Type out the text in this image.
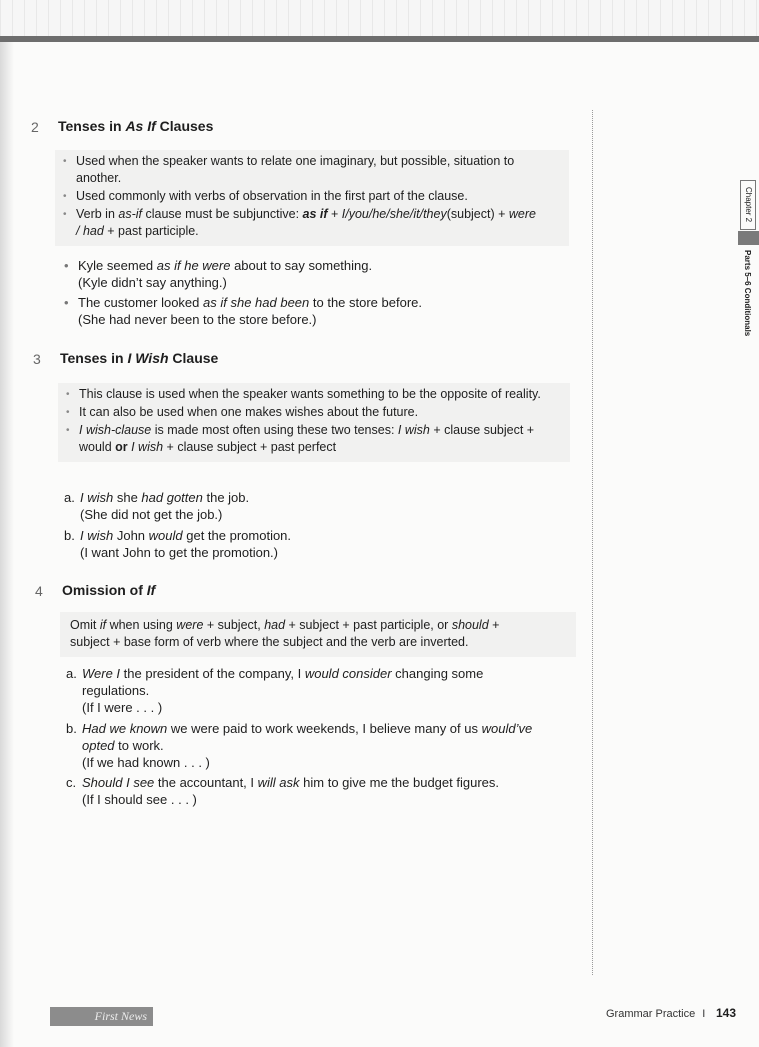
Chapter 2
Parts 5–6 Conditionals
2 Tenses in As If Clauses
• Used when the speaker wants to relate one imaginary, but possible, situation to another.
• Used commonly with verbs of observation in the first part of the clause.
• Verb in as-if clause must be subjunctive: as if + I/you/he/she/it/they(subject) + were
/ had + past participle.
• Kyle seemed as if he were about to say something.
(Kyle didn’t say anything.)
• The customer looked as if she had been to the store before.
(She had never been to the store before.)
3 Tenses in I Wish Clause
• This clause is used when the speaker wants something to be the opposite of reality.
• It can also be used when one makes wishes about the future.
• I wish-clause is made most often using these two tenses: I wish + clause subject +
would or I wish + clause subject + past perfect
a. I wish she had gotten the job.
(She did not get the job.)
b. I wish John would get the promotion.
(I want John to get the promotion.)
4 Omission of If
Omit if when using were + subject, had + subject + past participle, or should +
subject + base form of verb where the subject and the verb are inverted.
a. Were I the president of the company, I would consider changing some
regulations.
(If I were . . . )
b. Had we known we were paid to work weekends, I believe many of us would’ve
opted to work.
(If we had known . . . )
c. Should I see the accountant, I will ask him to give me the budget figures.
(If I should see . . . )
First News	Grammar Practice I 143
